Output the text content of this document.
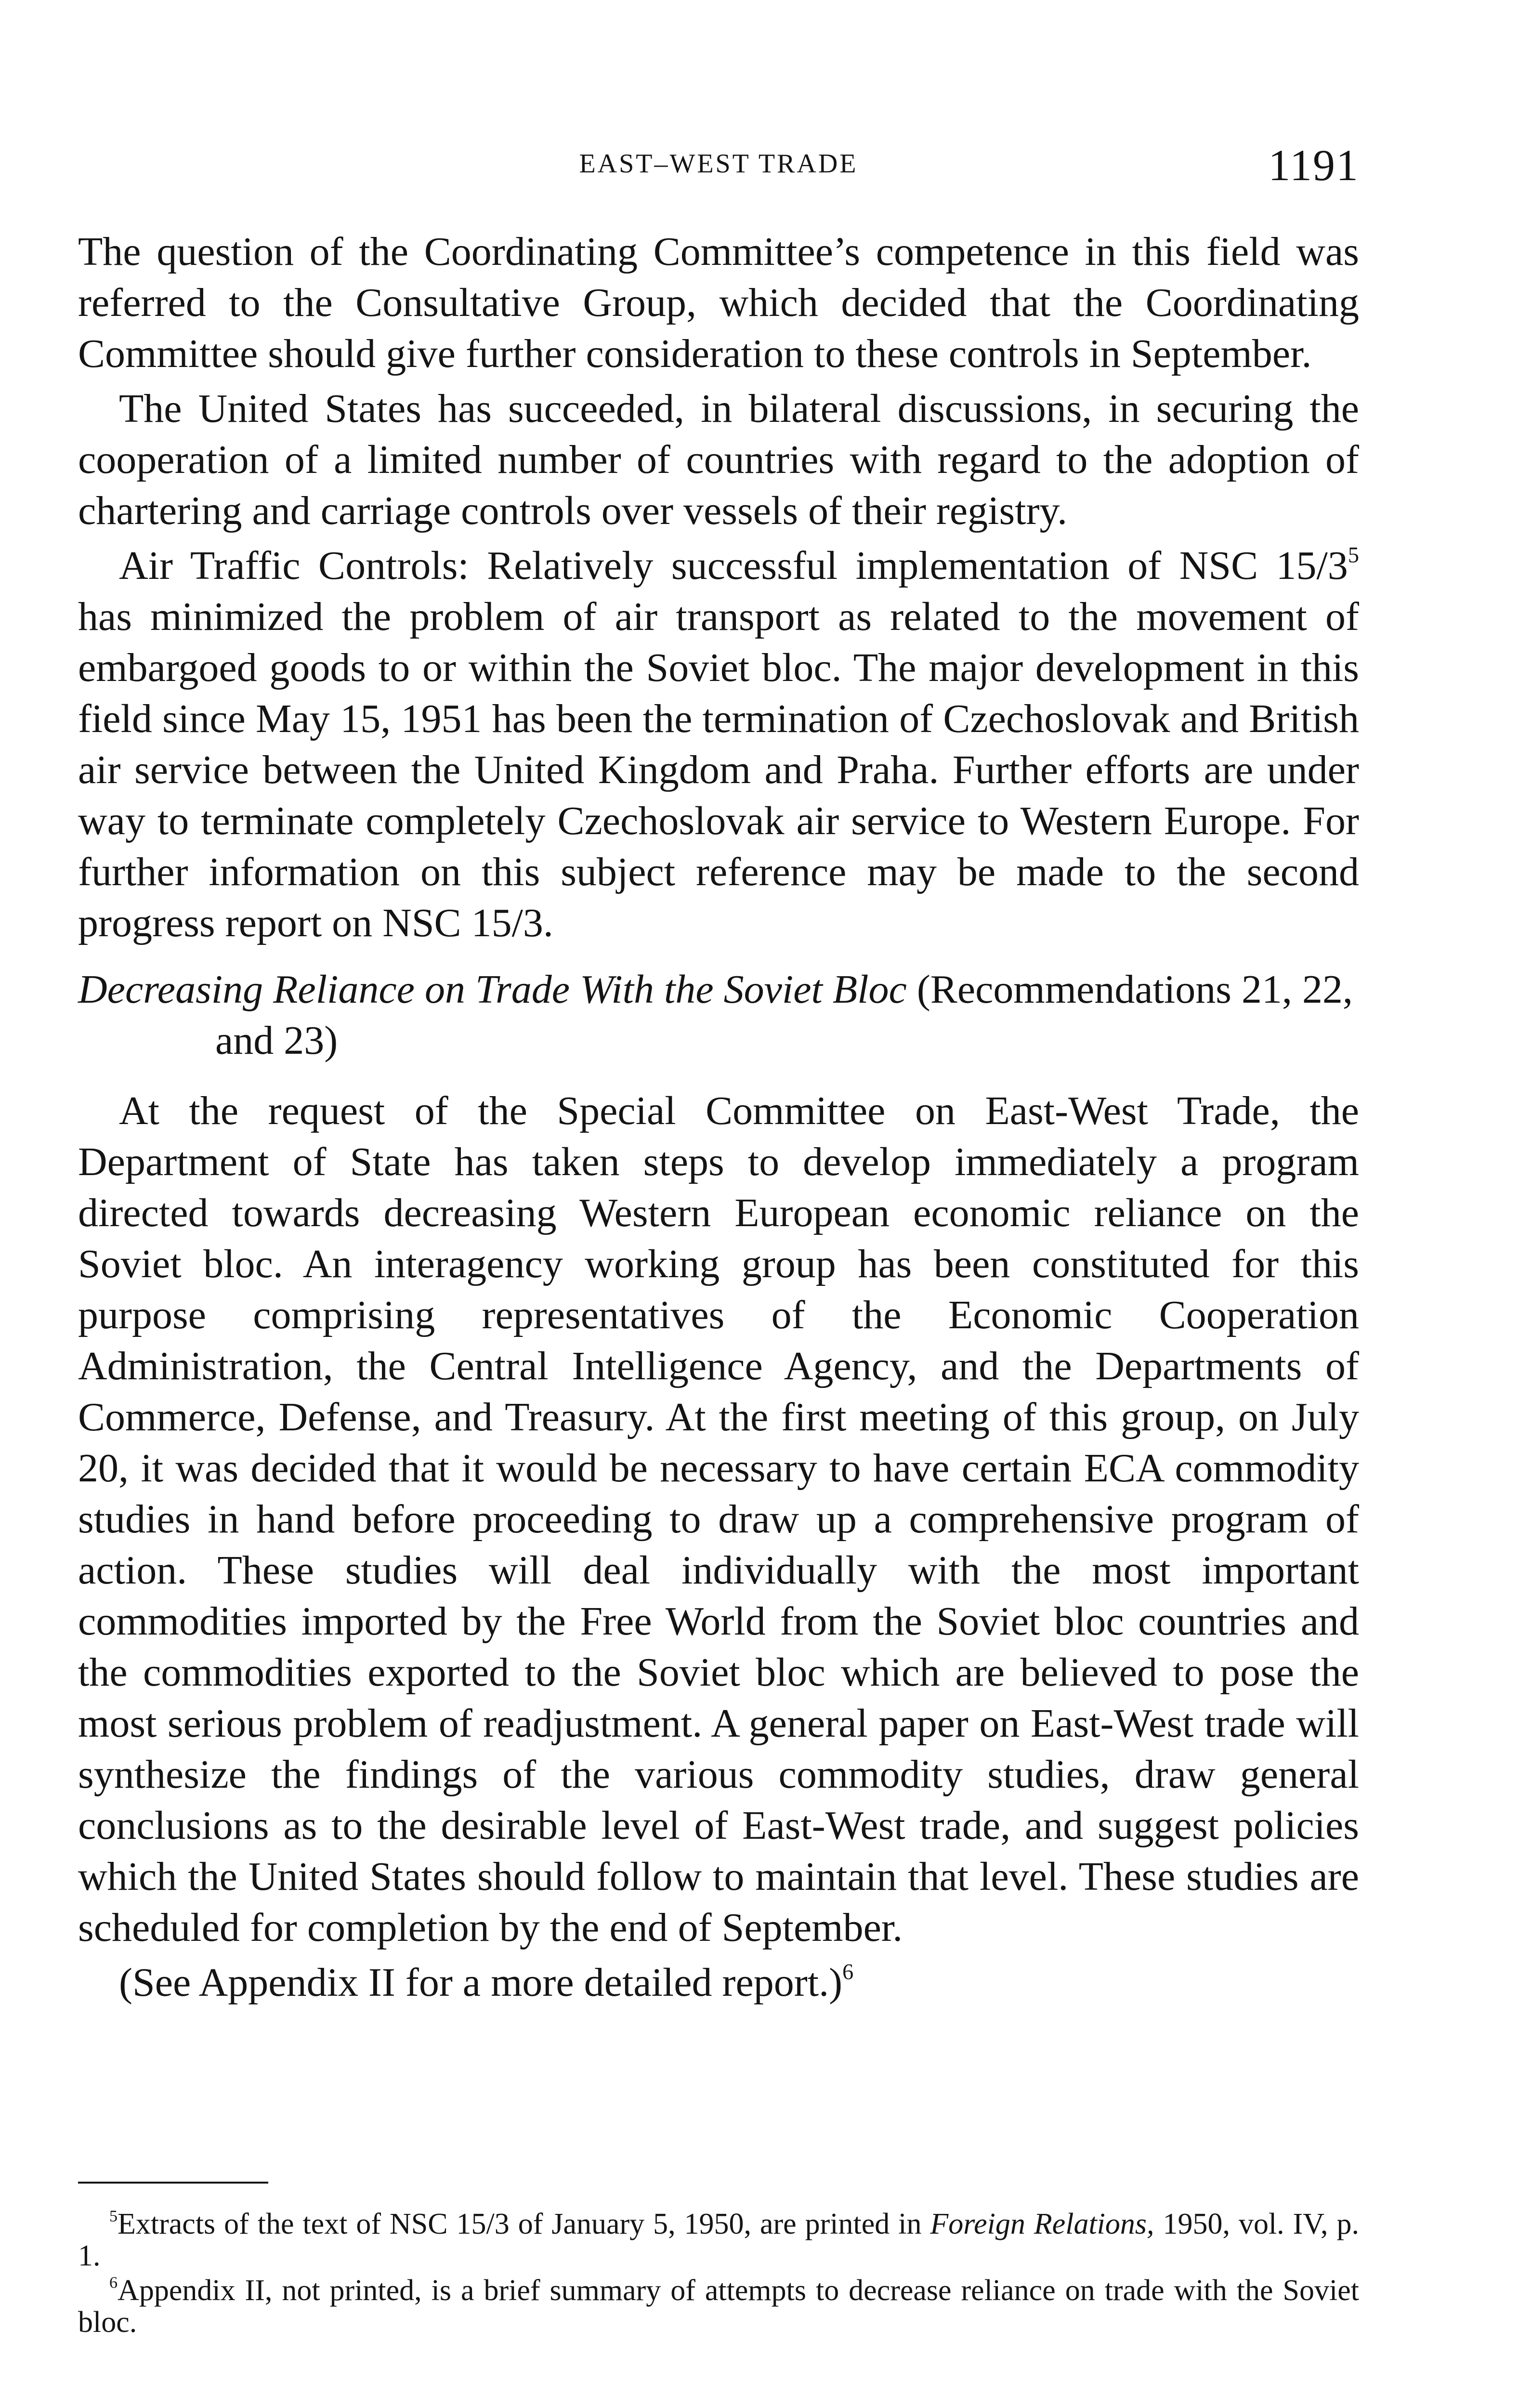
EAST–WEST TRADE	1191

The question of the Coordinating Committee’s competence in this field was referred to the Consultative Group, which decided that the Coordinating Committee should give further consideration to these controls in September.

The United States has succeeded, in bilateral discussions, in securing the cooperation of a limited number of countries with regard to the adoption of chartering and carriage controls over vessels of their registry.

Air Traffic Controls: Relatively successful implementation of NSC $15/3^5$ has minimized the problem of air transport as related to the movement of embargoed goods to or within the Soviet bloc. The major development in this field since May 15, 1951 has been the termination of Czechoslovak and British air service between the United Kingdom and Praha. Further efforts are under way to terminate completely Czechoslovak air service to Western Europe. For further information on this subject reference may be made to the second progress report on NSC 15/3.

Decreasing Reliance on Trade With the Soviet Bloc (Recommendations 21, 22, and 23)

At the request of the Special Committee on East-West Trade, the Department of State has taken steps to develop immediately a program directed towards decreasing Western European economic reliance on the Soviet bloc. An interagency working group has been constituted for this purpose comprising representatives of the Economic Cooperation Administration, the Central Intelligence Agency, and the Departments of Commerce, Defense, and Treasury. At the first meeting of this group, on July 20, it was decided that it would be necessary to have certain ECA commodity studies in hand before proceeding to draw up a comprehensive program of action. These studies will deal individually with the most important commodities imported by the Free World from the Soviet bloc countries and the commodities exported to the Soviet bloc which are believed to pose the most serious problem of readjustment. A general paper on East-West trade will synthesize the findings of the various commodity studies, draw general conclusions as to the desirable level of East-West trade, and suggest policies which the United States should follow to maintain that level. These studies are scheduled for completion by the end of September.

(See Appendix II for a more detailed report.)$^6$

$^5$Extracts of the text of NSC 15/3 of January 5, 1950, are printed in Foreign Relations, 1950, vol. IV, p. 1.

$^6$Appendix II, not printed, is a brief summary of attempts to decrease reliance on trade with the Soviet bloc.
